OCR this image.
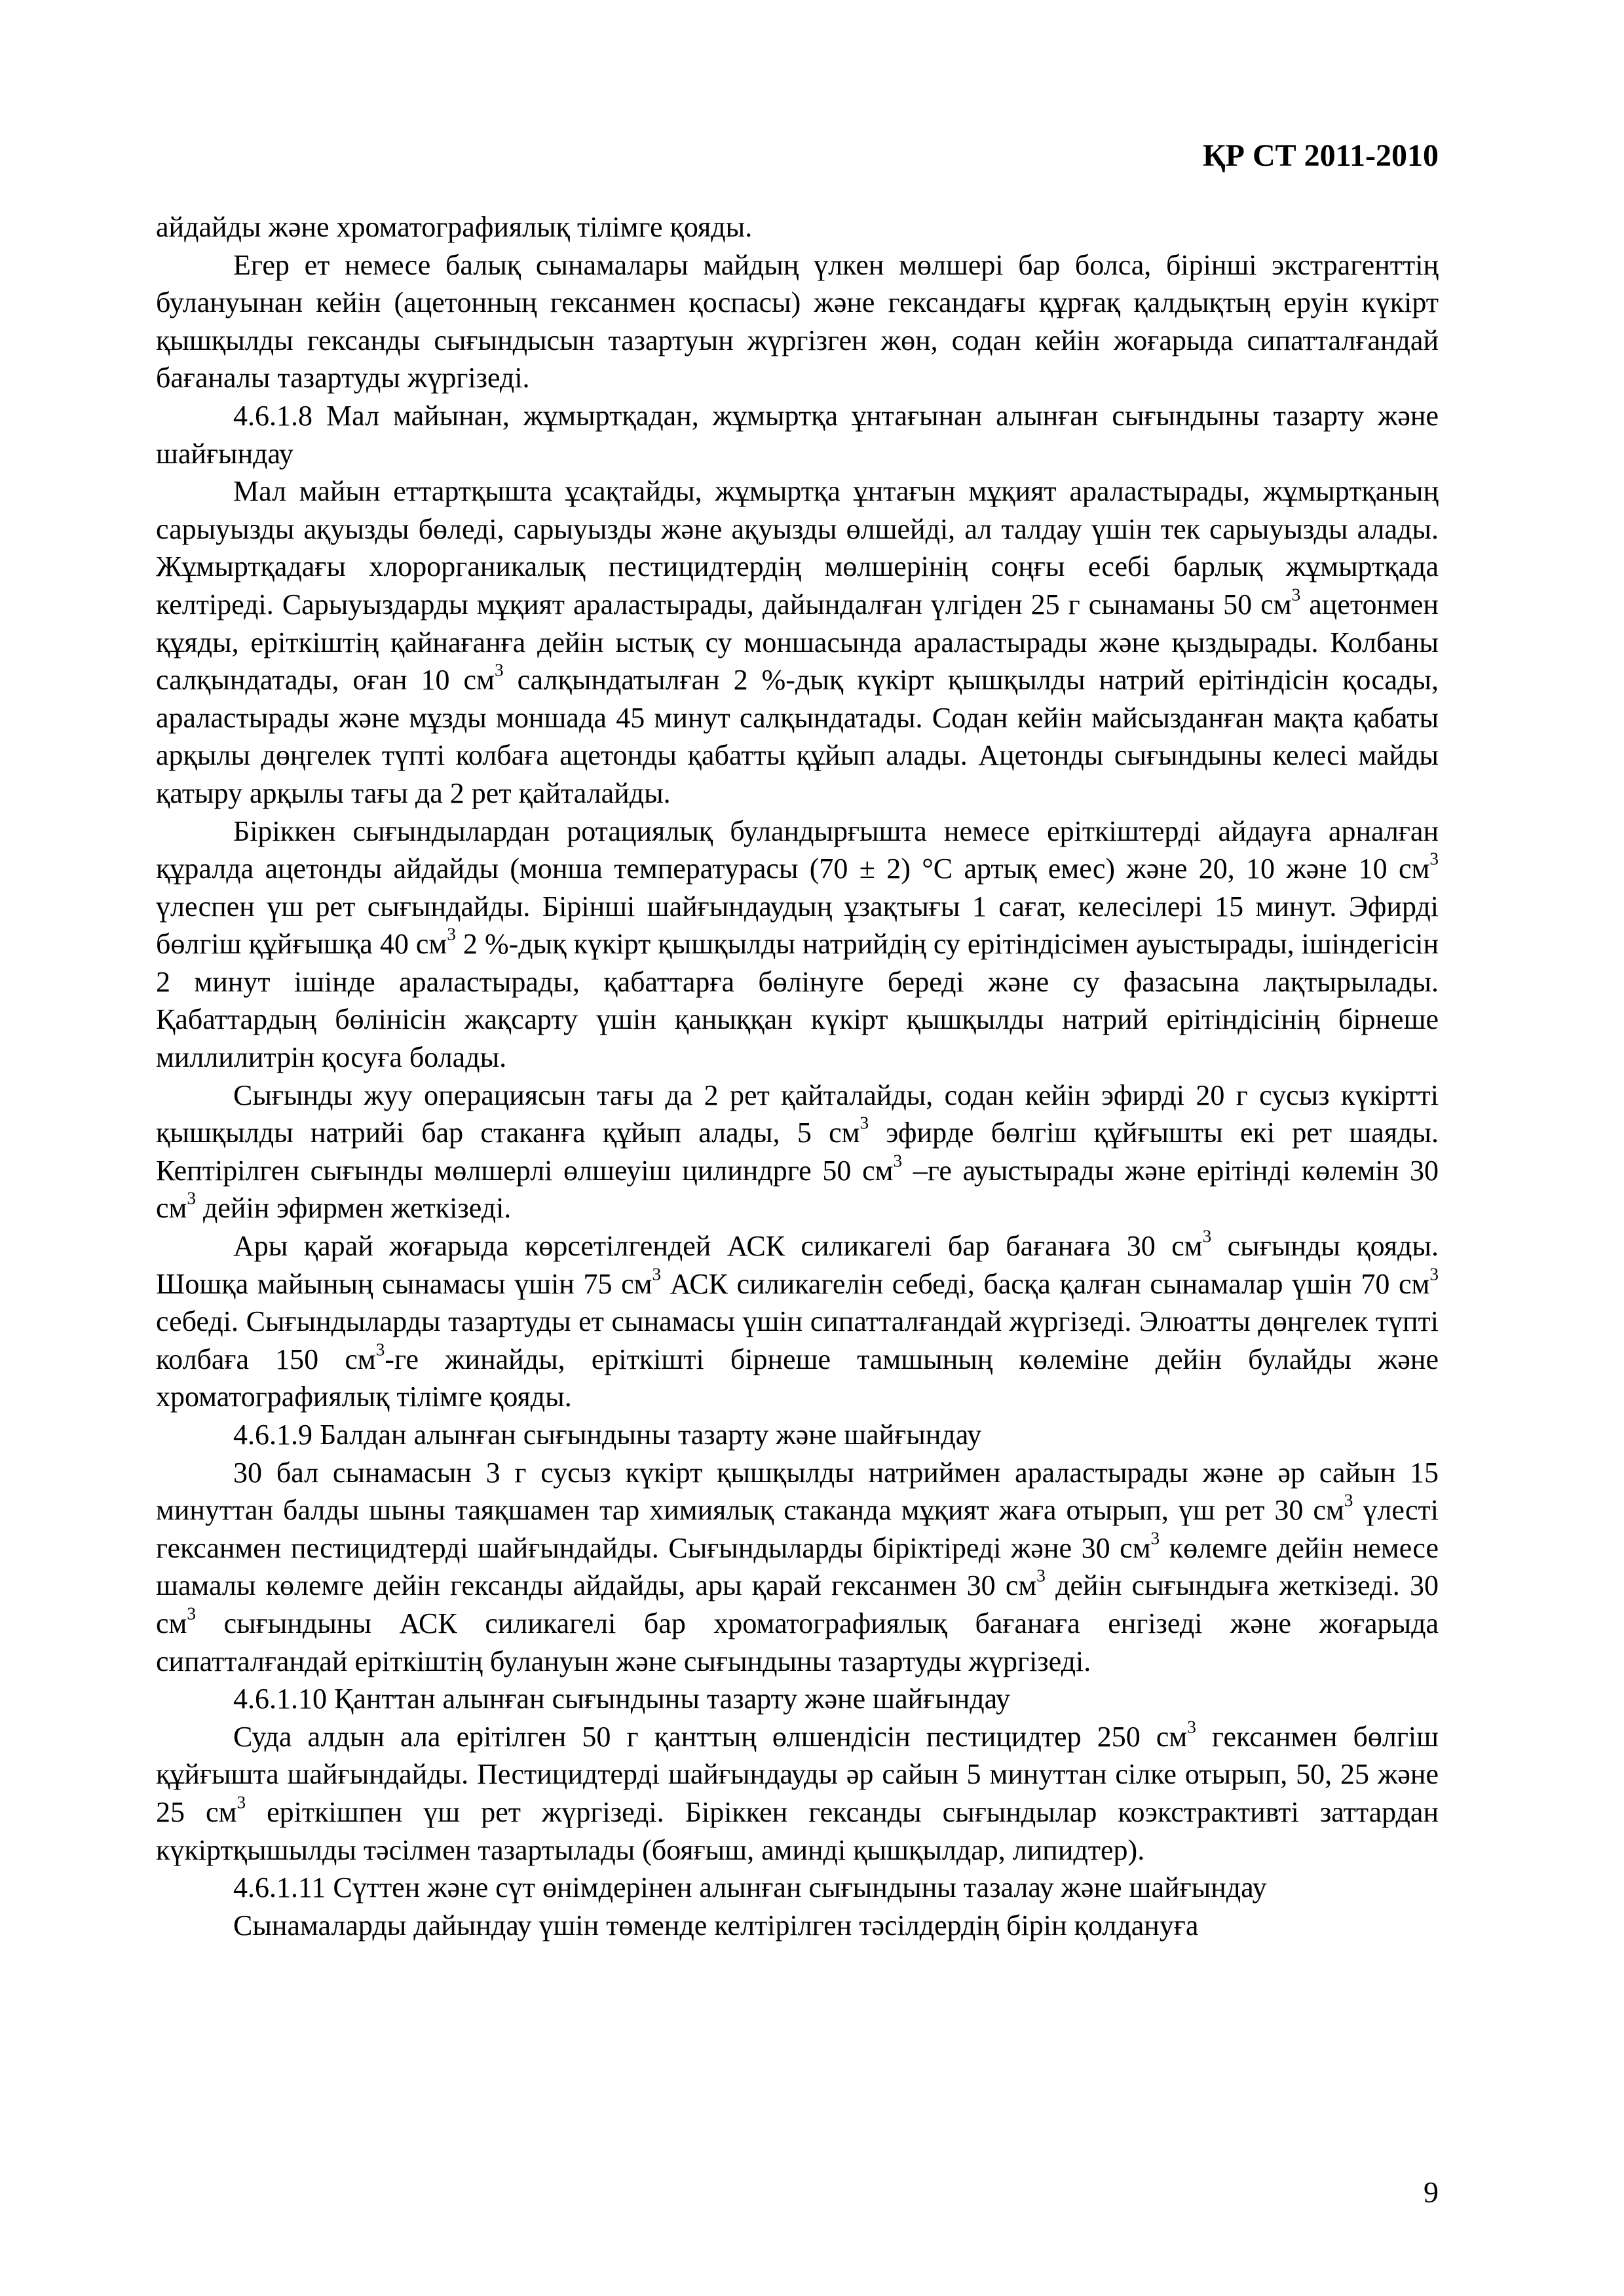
ҚР СТ 2011-2010

айдайды және хроматографиялық тілімге қояды.

Егер ет немесе балық сынамалары майдың үлкен мөлшері бар болса, бірінші экстрагенттің булануынан кейін (ацетонның гексанмен қоспасы) және гександағы құрғақ қалдықтың еруін күкірт қышқылды гександы сығындысын тазартуын жүргізген жөн, содан кейін жоғарыда сипатталғандай бағаналы тазартуды жүргізеді.

4.6.1.8 Мал майынан, жұмыртқадан, жұмыртқа ұнтағынан алынған сығындыны тазарту және шайғындау

Мал майын еттартқышта ұсақтайды, жұмыртқа ұнтағын мұқият араластырады, жұмыртқаның сарыуызды ақуызды бөледі, сарыуызды және ақуызды өлшейді, ал талдау үшін тек сарыуызды алады. Жұмыртқадағы хлорорганикалық пестицидтердің мөлшерінің соңғы есебі барлық жұмыртқада келтіреді. Сарыуыздарды мұқият араластырады, дайындалған үлгіден 25 г сынаманы 50 $см^3$ ацетонмен құяды, еріткіштің қайнағанға дейін ыстық су моншасында араластырады және қыздырады. Колбаны салқындатады, оған 10 $см^3$ салқындатылған 2 %-дық күкірт қышқылды натрий ерітіндісін қосады, араластырады және мұзды моншада 45 минут салқындатады. Содан кейін майсызданған мақта қабаты арқылы дөңгелек түпті колбаға ацетонды қабатты құйып алады. Ацетонды сығындыны келесі майды қатыру арқылы тағы да 2 рет қайталайды.

Біріккен сығындылардан ротациялық буландырғышта немесе еріткіштерді айдауға арналған құралда ацетонды айдайды (монша температурасы (70 ± 2) °С артық емес) және 20, 10 және 10 $см^3$ үлеспен үш рет сығындайды. Бірінші шайғындаудың ұзақтығы 1 сағат, келесілері 15 минут. Эфирді бөлгіш құйғышқа 40 $см^3$ 2 %-дық күкірт қышқылды натрийдің су ерітіндісімен ауыстырады, ішіндегісін 2 минут ішінде араластырады, қабаттарға бөлінуге береді және су фазасына лақтырылады. Қабаттардың бөлінісін жақсарту үшін қаныққан күкірт қышқылды натрий ерітіндісінің бірнеше миллилитрін қосуға болады.

Сығынды жуу операциясын тағы да 2 рет қайталайды, содан кейін эфирді 20 г сусыз күкіртті қышқылды натрийі бар стаканға құйып алады, 5 $см^3$ эфирде бөлгіш құйғышты екі рет шаяды. Кептірілген сығынды мөлшерлі өлшеуіш цилиндрге 50 $см^3$ –ге ауыстырады және ерітінді көлемін 30 $см^3$ дейін эфирмен жеткізеді.

Ары қарай жоғарыда көрсетілгендей АСК силикагелі бар бағанаға 30 $см^3$ сығынды қояды. Шошқа майының сынамасы үшін 75 $см^3$ АСК силикагелін себеді, басқа қалған сынамалар үшін 70 $см^3$ себеді. Сығындыларды тазартуды ет сынамасы үшін сипатталғандай жүргізеді. Элюатты дөңгелек түпті колбаға 150 $см^3-ге$ жинайды, еріткішті бірнеше тамшының көлеміне дейін булайды және хроматографиялық тілімге қояды.

4.6.1.9 Балдан алынған сығындыны тазарту және шайғындау

30 бал сынамасын 3 г сусыз күкірт қышқылды натриймен араластырады және әр сайын 15 минуттан балды шыны таяқшамен тар химиялық стаканда мұқият жаға отырып, үш рет 30 $см^3$ үлесті гексанмен пестицидтерді шайғындайды. Сығындыларды біріктіреді және 30 $см^3$ көлемге дейін немесе шамалы көлемге дейін гександы айдайды, ары қарай гексанмен 30 $см^3$ дейін сығындыға жеткізеді. 30 $см^3$ сығындыны АСК силикагелі бар хроматографиялық бағанаға енгізеді және жоғарыда сипатталғандай еріткіштің булануын және сығындыны тазартуды жүргізеді.

4.6.1.10 Қанттан алынған сығындыны тазарту және шайғындау

Суда алдын ала ерітілген 50 г қанттың өлшендісін пестицидтер 250 $см^3$ гексанмен бөлгіш құйғышта шайғындайды. Пестицидтерді шайғындауды әр сайын 5 минуттан сілке отырып, 50, 25 және 25 $см^3$ еріткішпен үш рет жүргізеді. Біріккен гександы сығындылар коэкстрактивті заттардан күкіртқышылды тәсілмен тазартылады (бояғыш, аминді қышқылдар, липидтер).

4.6.1.11 Сүттен және сүт өнімдерінен алынған сығындыны тазалау және шайғындау

Сынамаларды дайындау үшін төменде келтірілген тәсілдердің бірін қолдануға

9
